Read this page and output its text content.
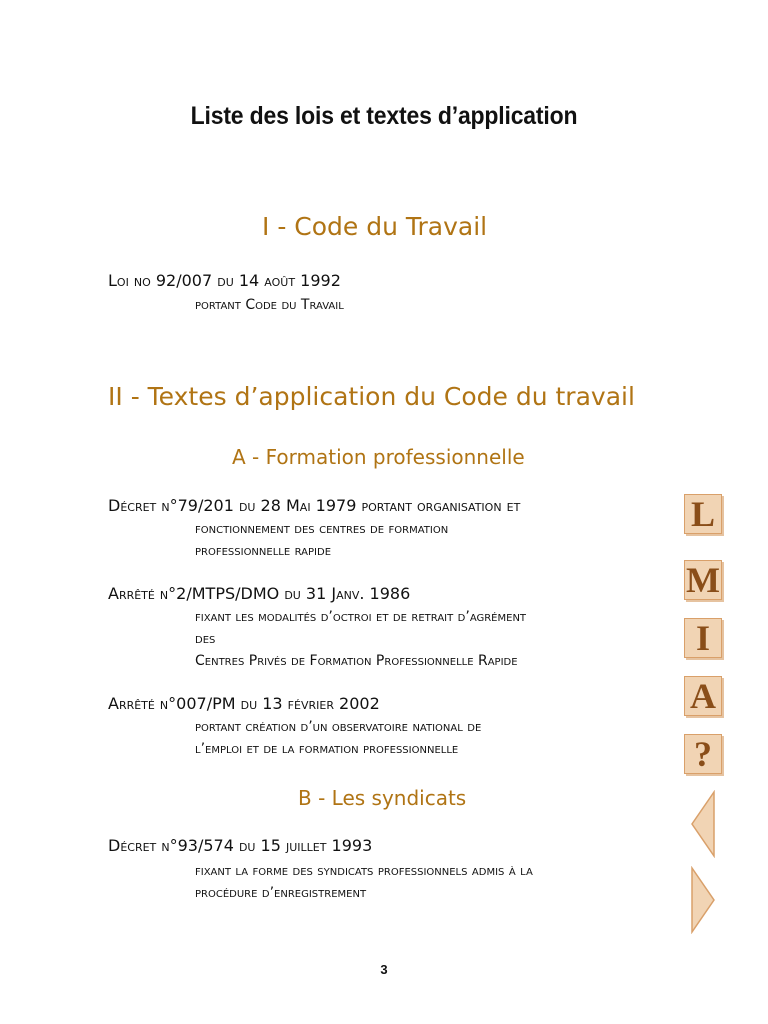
Liste des lois et textes d’application
I - Code du Travail
Loi no 92/007 du 14 août 1992
portant Code du Travail
II - Textes d’application du Code du travail
A - Formation professionnelle
Décret n°79/201 du 28 Mai 1979 portant organisation et
fonctionnement des centres de formation
professionnelle rapide
Arrêté n°2/MTPS/DMO du 31 Janv. 1986
fixant les modalités d’octroi et de retrait d’agrément
des
Centres Privés de Formation Professionnelle Rapide
Arrêté n°007/PM du 13 février 2002
portant création d’un observatoire national de
l’emploi et de la formation professionnelle
B - Les syndicats
Décret n°93/574 du 15 juillet 1993
fixant la forme des syndicats professionnels admis à la
procédure d’enregistrement
3
L
M
I
A
?
